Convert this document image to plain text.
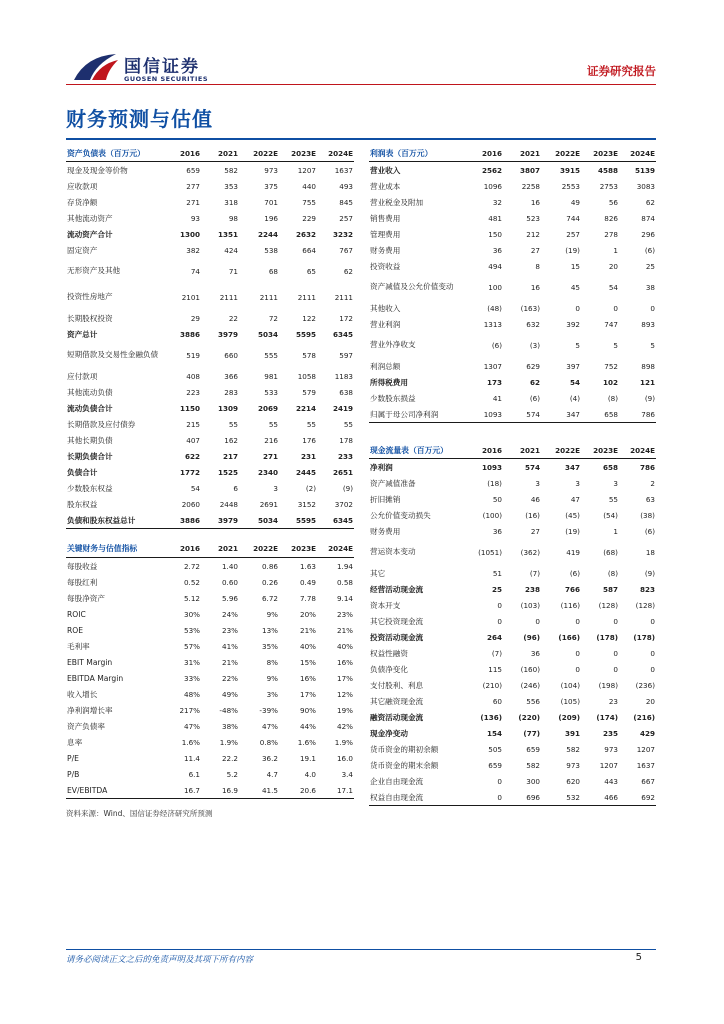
国信证券
GUOSEN SECURITIES
证券研究报告
财务预测与估值
资产负债表（百万元）	2016	2021	2022E	2023E	2024E
现金及现金等价物	659	582	973	1207	1637
应收款项	277	353	375	440	493
存货净额	271	318	701	755	845
其他流动资产	93	98	196	229	257
流动资产合计	1300	1351	2244	2632	3232
固定资产	382	424	538	664	767
无形资产及其他	74	71	68	65	62
投资性房地产	2101	2111	2111	2111	2111
长期股权投资	29	22	72	122	172
资产总计	3886	3979	5034	5595	6345
短期借款及交易性金融负债	519	660	555	578	597
应付款项	408	366	981	1058	1183
其他流动负债	223	283	533	579	638
流动负债合计	1150	1309	2069	2214	2419
长期借款及应付债券	215	55	55	55	55
其他长期负债	407	162	216	176	178
长期负债合计	622	217	271	231	233
负债合计	1772	1525	2340	2445	2651
少数股东权益	54	6	3	(2)	(9)
股东权益	2060	2448	2691	3152	3702
负债和股东权益总计	3886	3979	5034	5595	6345
关键财务与估值指标	2016	2021	2022E	2023E	2024E
每股收益	2.72	1.40	0.86	1.63	1.94
每股红利	0.52	0.60	0.26	0.49	0.58
每股净资产	5.12	5.96	6.72	7.78	9.14
ROIC	30%	24%	9%	20%	23%
ROE	53%	23%	13%	21%	21%
毛利率	57%	41%	35%	40%	40%
EBIT Margin	31%	21%	8%	15%	16%
EBITDA Margin	33%	22%	9%	16%	17%
收入增长	48%	49%	3%	17%	12%
净利润增长率	217%	-48%	-39%	90%	19%
资产负债率	47%	38%	47%	44%	42%
息率	1.6%	1.9%	0.8%	1.6%	1.9%
P/E	11.4	22.2	36.2	19.1	16.0
P/B	6.1	5.2	4.7	4.0	3.4
EV/EBITDA	16.7	16.9	41.5	20.6	17.1
利润表（百万元）	2016	2021	2022E	2023E	2024E
营业收入	2562	3807	3915	4588	5139
营业成本	1096	2258	2553	2753	3083
营业税金及附加	32	16	49	56	62
销售费用	481	523	744	826	874
管理费用	150	212	257	278	296
财务费用	36	27	(19)	1	(6)
投资收益	494	8	15	20	25
资产减值及公允价值变动	100	16	45	54	38
其他收入	(48)	(163)	0	0	0
营业利润	1313	632	392	747	893
营业外净收支	(6)	(3)	5	5	5
利润总额	1307	629	397	752	898
所得税费用	173	62	54	102	121
少数股东损益	41	(6)	(4)	(8)	(9)
归属于母公司净利润	1093	574	347	658	786
现金流量表（百万元）	2016	2021	2022E	2023E	2024E
净利润	1093	574	347	658	786
资产减值准备	(18)	3	3	3	2
折旧摊销	50	46	47	55	63
公允价值变动损失	(100)	(16)	(45)	(54)	(38)
财务费用	36	27	(19)	1	(6)
营运资本变动	(1051)	(362)	419	(68)	18
其它	51	(7)	(6)	(8)	(9)
经营活动现金流	25	238	766	587	823
资本开支	0	(103)	(116)	(128)	(128)
其它投资现金流	0	0	0	0	0
投资活动现金流	264	(96)	(166)	(178)	(178)
权益性融资	(7)	36	0	0	0
负债净变化	115	(160)	0	0	0
支付股利、利息	(210)	(246)	(104)	(198)	(236)
其它融资现金流	60	556	(105)	23	20
融资活动现金流	(136)	(220)	(209)	(174)	(216)
现金净变动	154	(77)	391	235	429
货币资金的期初余额	505	659	582	973	1207
货币资金的期末余额	659	582	973	1207	1637
企业自由现金流	0	300	620	443	667
权益自由现金流	0	696	532	466	692
资料来源：Wind、国信证券经济研究所预测
请务必阅读正文之后的免责声明及其项下所有内容	5
